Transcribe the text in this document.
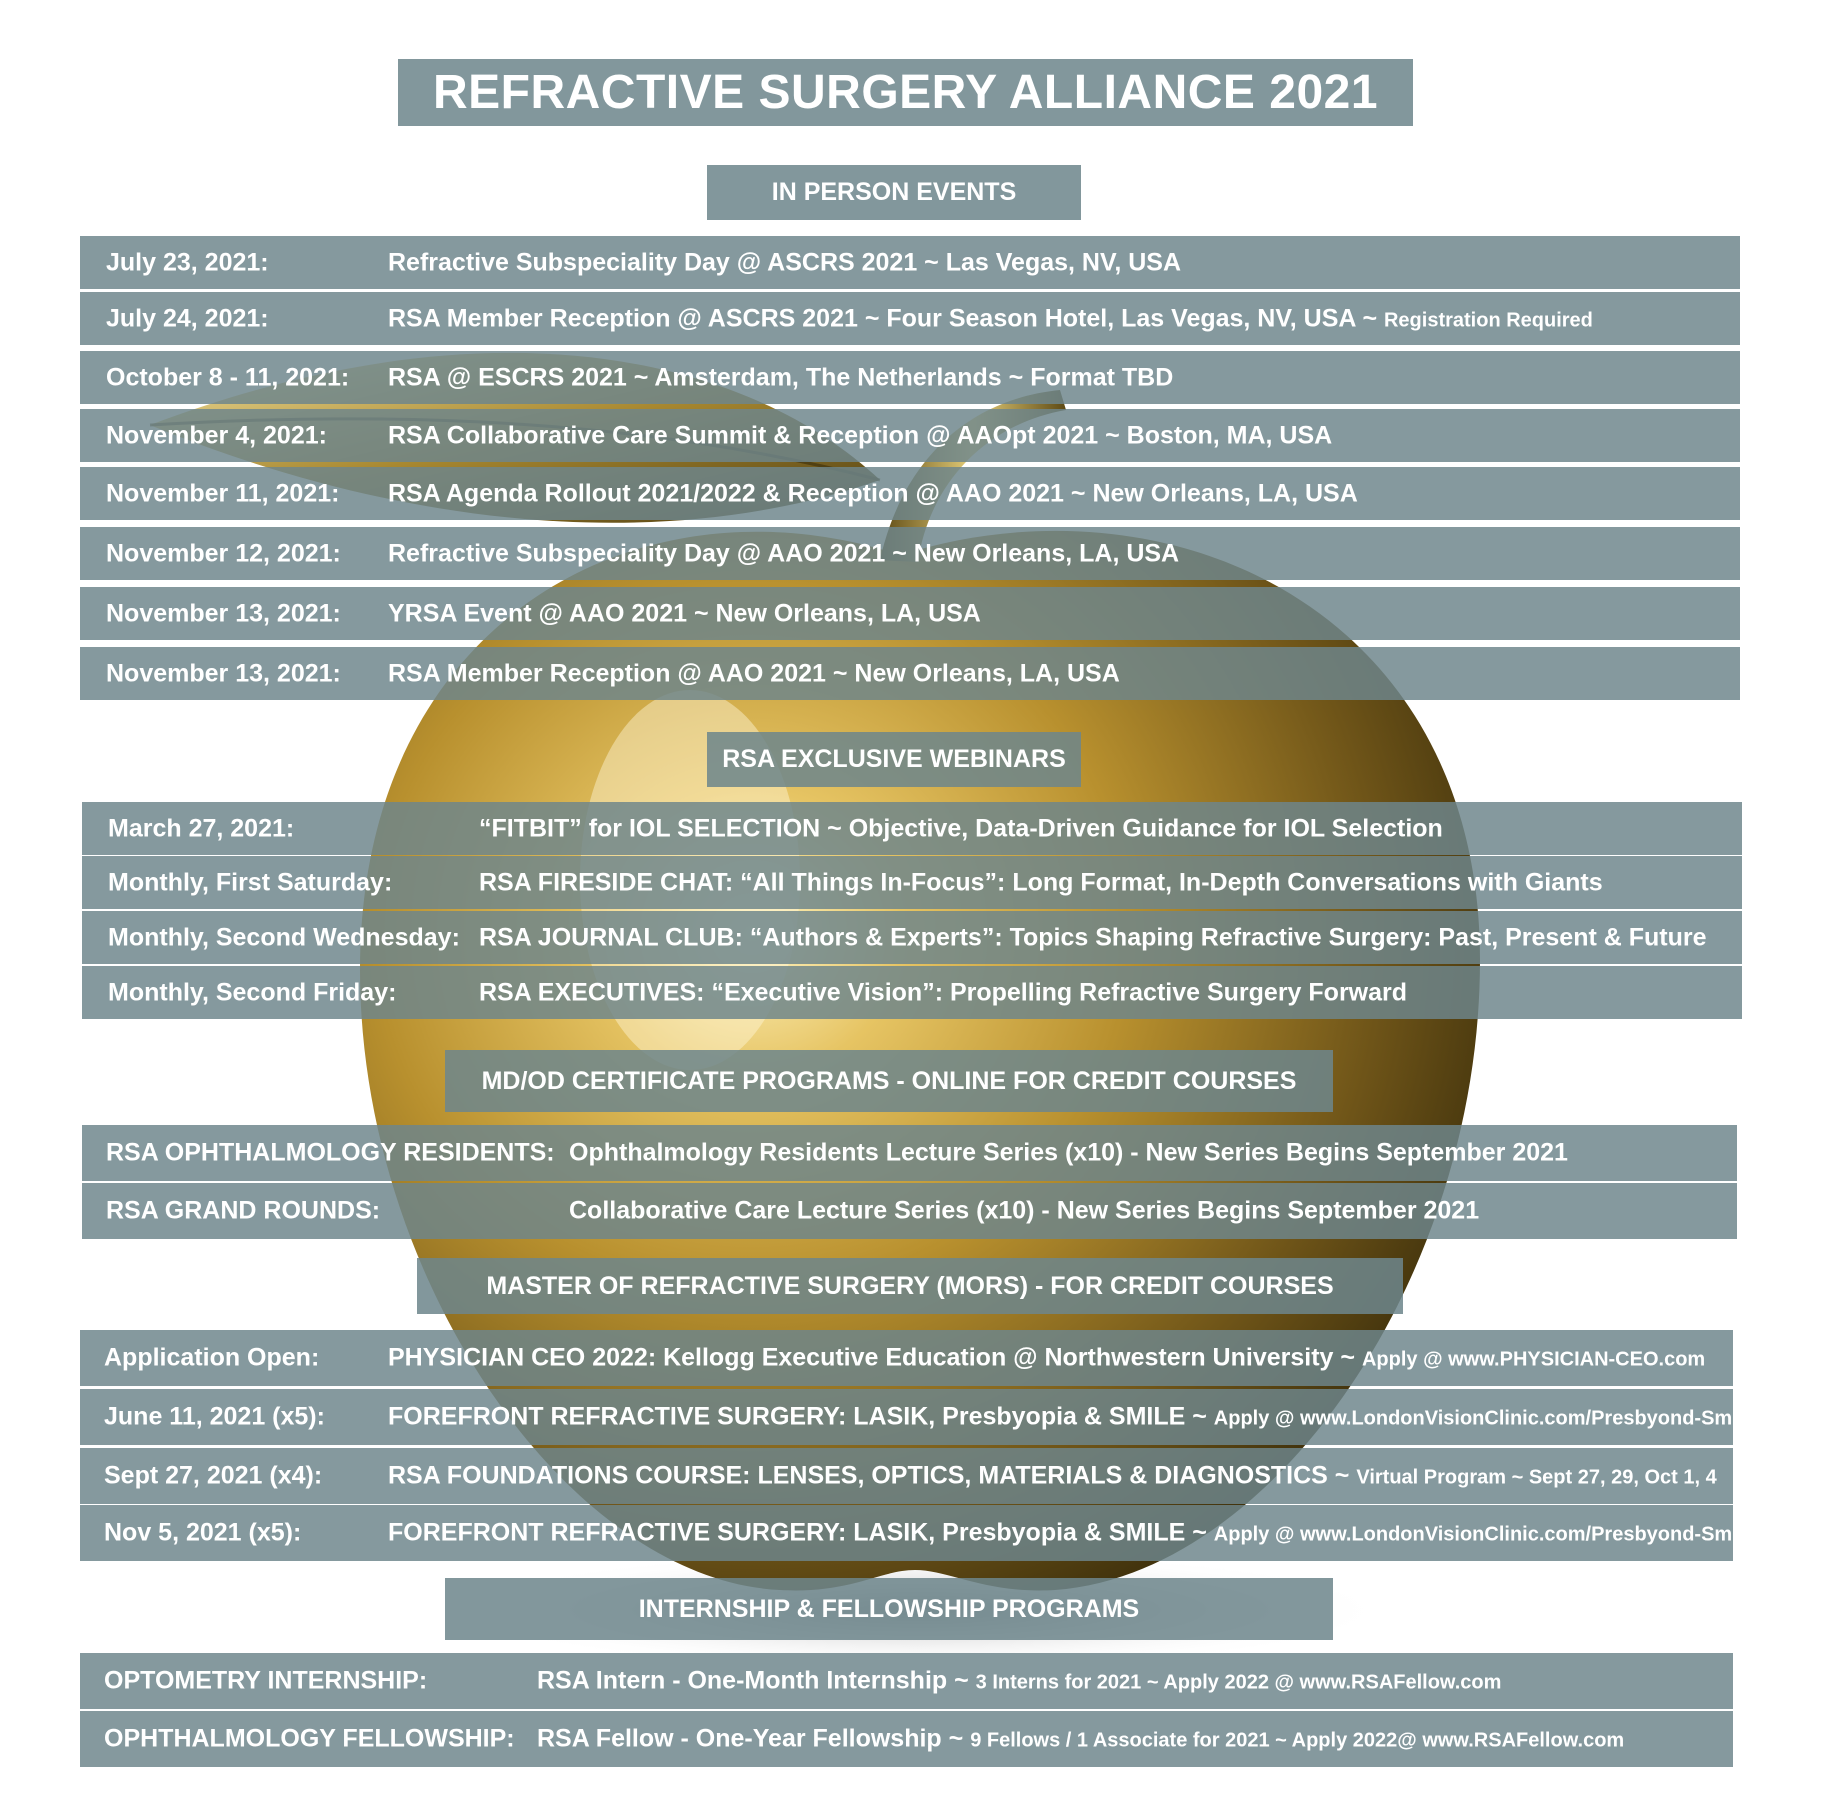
REFRACTIVE SURGERY ALLIANCE 2021
IN PERSON EVENTS
July 23, 2021:	Refractive Subspeciality Day @ ASCRS 2021 ~ Las Vegas, NV, USA
July 24, 2021:	RSA Member Reception @ ASCRS 2021 ~ Four Season Hotel, Las Vegas, NV, USA ~ Registration Required
October 8 - 11, 2021: RSA @ ESCRS 2021 ~ Amsterdam, The Netherlands ~ Format TBD
November 4, 2021: RSA Collaborative Care Summit & Reception @ AAOpt 2021 ~ Boston, MA, USA
November 11, 2021: RSA Agenda Rollout 2021/2022 & Reception @ AAO 2021 ~ New Orleans, LA, USA
November 12, 2021: Refractive Subspeciality Day @ AAO 2021 ~ New Orleans, LA, USA
November 13, 2021: YRSA Event @ AAO 2021 ~ New Orleans, LA, USA
November 13, 2021: RSA Member Reception @ AAO 2021 ~ New Orleans, LA, USA
RSA EXCLUSIVE WEBINARS
March 27, 2021:	“FITBIT” for IOL SELECTION ~ Objective, Data-Driven Guidance for IOL Selection
Monthly, First Saturday:	RSA FIRESIDE CHAT: “All Things In-Focus”: Long Format, In-Depth Conversations with Giants
Monthly, Second Wednesday: RSA JOURNAL CLUB: “Authors & Experts”: Topics Shaping Refractive Surgery: Past, Present & Future
Monthly, Second Friday:	RSA EXECUTIVES: “Executive Vision”: Propelling Refractive Surgery Forward
MD/OD CERTIFICATE PROGRAMS - ONLINE FOR CREDIT COURSES
RSA OPHTHALMOLOGY RESIDENTS: Ophthalmology Residents Lecture Series (x10) - New Series Begins September 2021
RSA GRAND ROUNDS:	Collaborative Care Lecture Series (x10) - New Series Begins September 2021
MASTER OF REFRACTIVE SURGERY (MORS) - FOR CREDIT COURSES
Application Open:	PHYSICIAN CEO 2022: Kellogg Executive Education @ Northwestern University ~ Apply @ www.PHYSICIAN-CEO.com
June 11, 2021 (x5):	FOREFRONT REFRACTIVE SURGERY: LASIK, Presbyopia & SMILE ~ Apply @ www.LondonVisionClinic.com/Presbyond-Smile-Course
Sept 27, 2021 (x4):	RSA FOUNDATIONS COURSE: LENSES, OPTICS, MATERIALS & DIAGNOSTICS ~ Virtual Program ~ Sept 27, 29, Oct 1, 4
Nov 5, 2021 (x5):	FOREFRONT REFRACTIVE SURGERY: LASIK, Presbyopia & SMILE ~ Apply @ www.LondonVisionClinic.com/Presbyond-Smile-Course
INTERNSHIP & FELLOWSHIP PROGRAMS
OPTOMETRY INTERNSHIP:	RSA Intern - One-Month Internship ~ 3 Interns for 2021 ~ Apply 2022 @ www.RSAFellow.com
OPHTHALMOLOGY FELLOWSHIP: RSA Fellow - One-Year Fellowship ~ 9 Fellows / 1 Associate for 2021 ~ Apply 2022@ www.RSAFellow.com
